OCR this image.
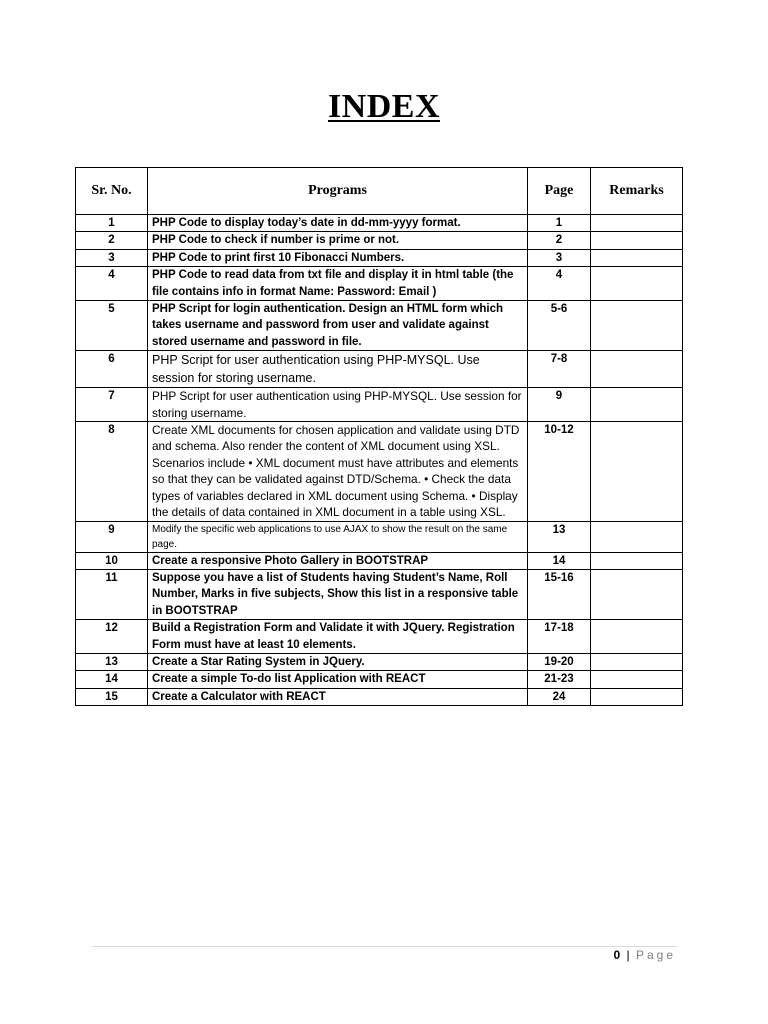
INDEX
Sr. No.	Programs	Page	Remarks
1	PHP Code to display today’s date in dd-mm-yyyy format.	1	
2	PHP Code to check if number is prime or not.	2	
3	PHP Code to print first 10 Fibonacci Numbers.	3	
4	PHP Code to read data from txt file and display it in html table (the file contains info in format Name: Password: Email )	4	
5	PHP Script for login authentication. Design an HTML form which takes username and password from user and validate against stored username and password in file.	5-6	
6	PHP Script for user authentication using PHP-MYSQL. Use session for storing username.	7-8	
7	PHP Script for user authentication using PHP-MYSQL. Use session for storing username.	9	
8	Create XML documents for chosen application and validate using DTD and schema. Also render the content of XML document using XSL. Scenarios include • XML document must have attributes and elements so that they can be validated against DTD/Schema. • Check the data types of variables declared in XML document using Schema. • Display the details of data contained in XML document in a table using XSL.	10-12	
9	Modify the specific web applications to use AJAX to show the result on the same page.	13	
10	Create a responsive Photo Gallery in BOOTSTRAP	14	
11	Suppose you have a list of Students having Student’s Name, Roll Number, Marks in five subjects, Show this list in a responsive table in BOOTSTRAP	15-16	
12	Build a Registration Form and Validate it with JQuery. Registration Form must have at least 10 elements.	17-18	
13	Create a Star Rating System in JQuery.	19-20	
14	Create a simple To-do list Application with REACT	21-23	
15	Create a Calculator with REACT	24	
0 | Page
